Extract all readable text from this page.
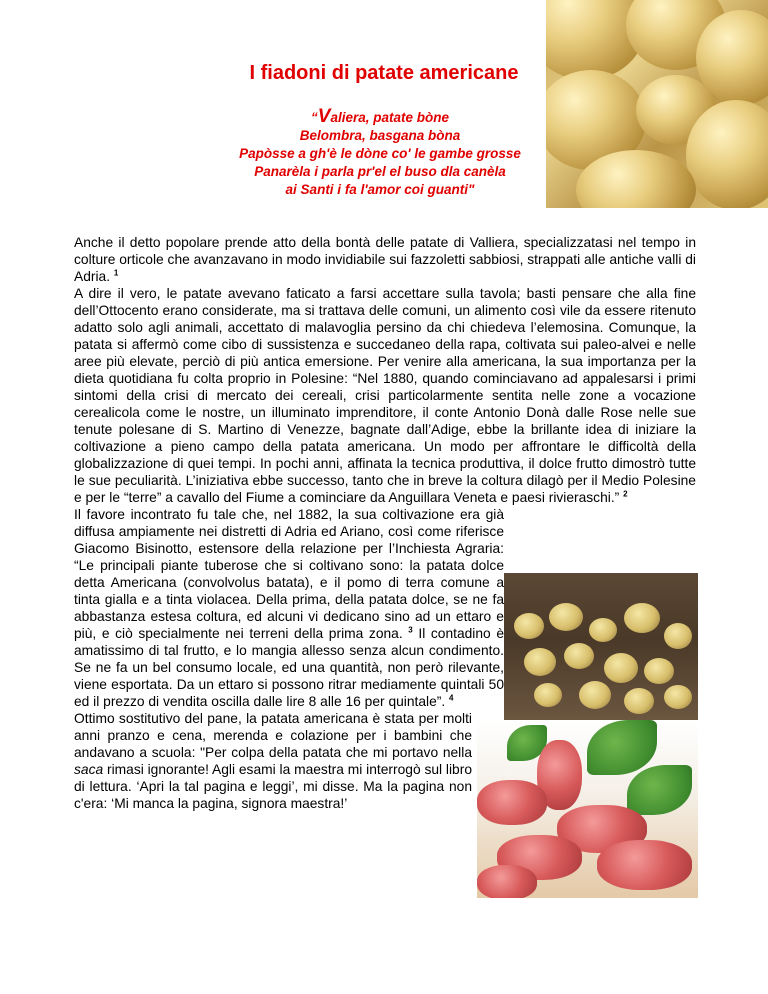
I fiadoni di patate americane
“Valiera, patate bòne
Belombra, basgana bòna
Papòsse a gh'è le dòne co' le gambe grosse
Panarèla i parla pr'el el buso dla canèla
ai Santi i fa l'amor coi guanti"

Anche il detto popolare prende atto della bontà delle patate di Valliera, specializzatasi nel tempo in colture orticole che avanzavano in modo invidiabile sui fazzoletti sabbiosi, strappati alle antiche valli di Adria. $^1$

A dire il vero, le patate avevano faticato a farsi accettare sulla tavola; basti pensare che alla fine dell’Ottocento erano considerate, ma si trattava delle comuni, un alimento così vile da essere ritenuto adatto solo agli animali, accettato di malavoglia persino da chi chiedeva l’elemosina. Comunque, la patata si affermò come cibo di sussistenza e succedaneo della rapa, coltivata sui paleo-alvei e nelle aree più elevate, perciò di più antica emersione. Per venire alla americana, la sua importanza per la dieta quotidiana fu colta proprio in Polesine: “Nel 1880, quando cominciavano ad appalesarsi i primi sintomi della crisi di mercato dei cereali, crisi particolarmente sentita nelle zone a vocazione cerealicola come le nostre, un illuminato imprenditore, il conte Antonio Donà dalle Rose nelle sue tenute polesane di S. Martino di Venezze, bagnate dall’Adige, ebbe la brillante idea di iniziare la coltivazione a pieno campo della patata americana. Un modo per affrontare le difficoltà della globalizzazione di quei tempi. In pochi anni, affinata la tecnica produttiva, il dolce frutto dimostrò tutte le sue peculiarità. L’iniziativa ebbe successo, tanto che in breve la coltura dilagò per il Medio Polesine e per le “terre” a cavallo del Fiume a cominciare da Anguillara Veneta e paesi rivieraschi.” $^2$

Il favore incontrato fu tale che, nel 1882, la sua coltivazione era già diffusa ampiamente nei distretti di Adria ed Ariano, così come riferisce Giacomo Bisinotto, estensore della relazione per l’Inchiesta Agraria: “Le principali piante tuberose che si coltivano sono: la patata dolce detta Americana (convolvolus batata), e il pomo di terra comune a tinta gialla e a tinta violacea. Della prima, della patata dolce, se ne fa abbastanza estesa coltura, ed alcuni vi dedicano sino ad un ettaro e più, e ciò specialmente nei terreni della prima zona. $^3$ Il contadino è amatissimo di tal frutto, e lo mangia allesso senza alcun condimento. Se ne fa un bel consumo locale, ed una quantità, non però rilevante, viene esportata. Da un ettaro si possono ritrar mediamente quintali 50 ed il prezzo di vendita oscilla dalle lire 8 alle 16 per quintale”. $^4$

Ottimo sostitutivo del pane, la patata americana è stata per molti anni pranzo e cena, merenda e colazione per i bambini che andavano a scuola: "Per colpa della patata che mi portavo nella saca rimasi ignorante! Agli esami la maestra mi interrogò sul libro di lettura. ‘Apri la tal pagina e leggi’, mi disse. Ma la pagina non c'era: ‘Mi manca la pagina, signora maestra!’
